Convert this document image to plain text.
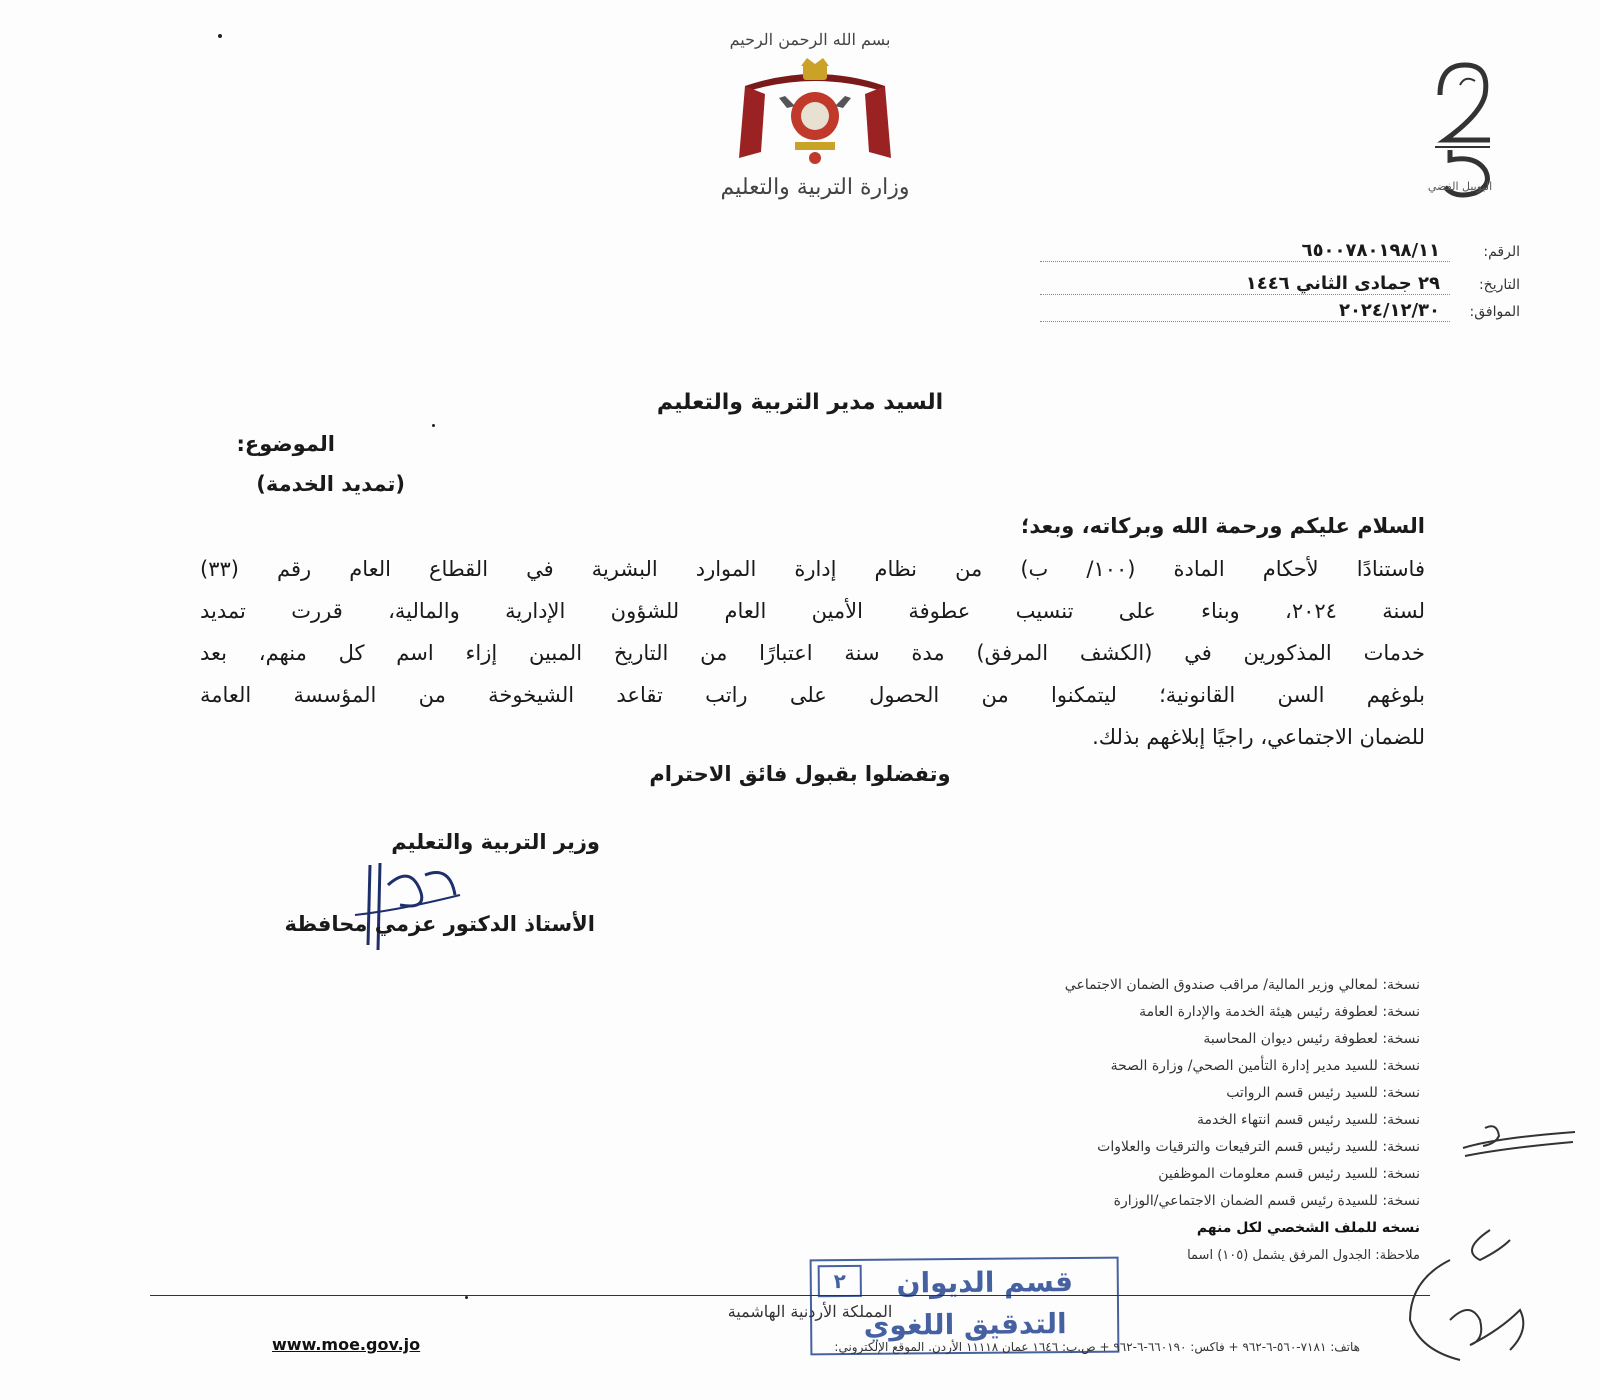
بسم الله الرحمن الرحيم
وزارة التربية والتعليم	اليوبيل الفضي
الرقم:
٦٥٠٠٧٨٠١٩٨/١١
التاريخ:
٢٩ جمادى الثاني ١٤٤٦
الموافق:
٢٠٢٤/١٢/٣٠
السيد مدير التربية والتعليم
الموضوع:
(تمديد الخدمة)
السلام عليكم ورحمة الله وبركاته، وبعد؛
فاستنادًا لأحكام المادة (١٠٠/ ب) من نظام إدارة الموارد البشرية في القطاع العام رقم (٣٣)
لسنة ٢٠٢٤، وبناء على تنسيب عطوفة الأمين العام للشؤون الإدارية والمالية، قررت تمديد
خدمات المذكورين في (الكشف المرفق) مدة سنة اعتبارًا من التاريخ المبين إزاء اسم كل منهم، بعد
بلوغهم السن القانونية؛ ليتمكنوا من الحصول على راتب تقاعد الشيخوخة من المؤسسة العامة
للضمان الاجتماعي، راجيًا إبلاغهم بذلك.
وتفضلوا بقبول فائق الاحترام
وزير التربية والتعليم
الأستاذ الدكتور عزمي محافظة
نسخة: لمعالي وزير المالية/ مراقب صندوق الضمان الاجتماعي
نسخة: لعطوفة رئيس هيئة الخدمة والإدارة العامة
نسخة: لعطوفة رئيس ديوان المحاسبة
نسخة: للسيد مدير إدارة التأمين الصحي/ وزارة الصحة
نسخة: للسيد رئيس قسم الرواتب
نسخة: للسيد رئيس قسم انتهاء الخدمة
نسخة: للسيد رئيس قسم الترفيعات والترقيات والعلاوات
نسخة: للسيد رئيس قسم معلومات الموظفين
نسخة: للسيدة رئيس قسم الضمان الاجتماعي/الوزارة
نسخه للملف الشخصي لكل منهم
ملاحظة: الجدول المرفق يشمل (١٠٥) اسما
٢	قسم الديوان
التدقيق اللغوي
المملكة الأردنية الهاشمية
هاتف: ٧١٨١-٥٦٠-٦-٩٦٢ + فاكس: ٦٦٠١٩٠-٦-٩٦٢ + ص.ب: ١٦٤٦ عمان ١١١١٨ الأردن. الموقع الإلكتروني:
www.moe.gov.jo
